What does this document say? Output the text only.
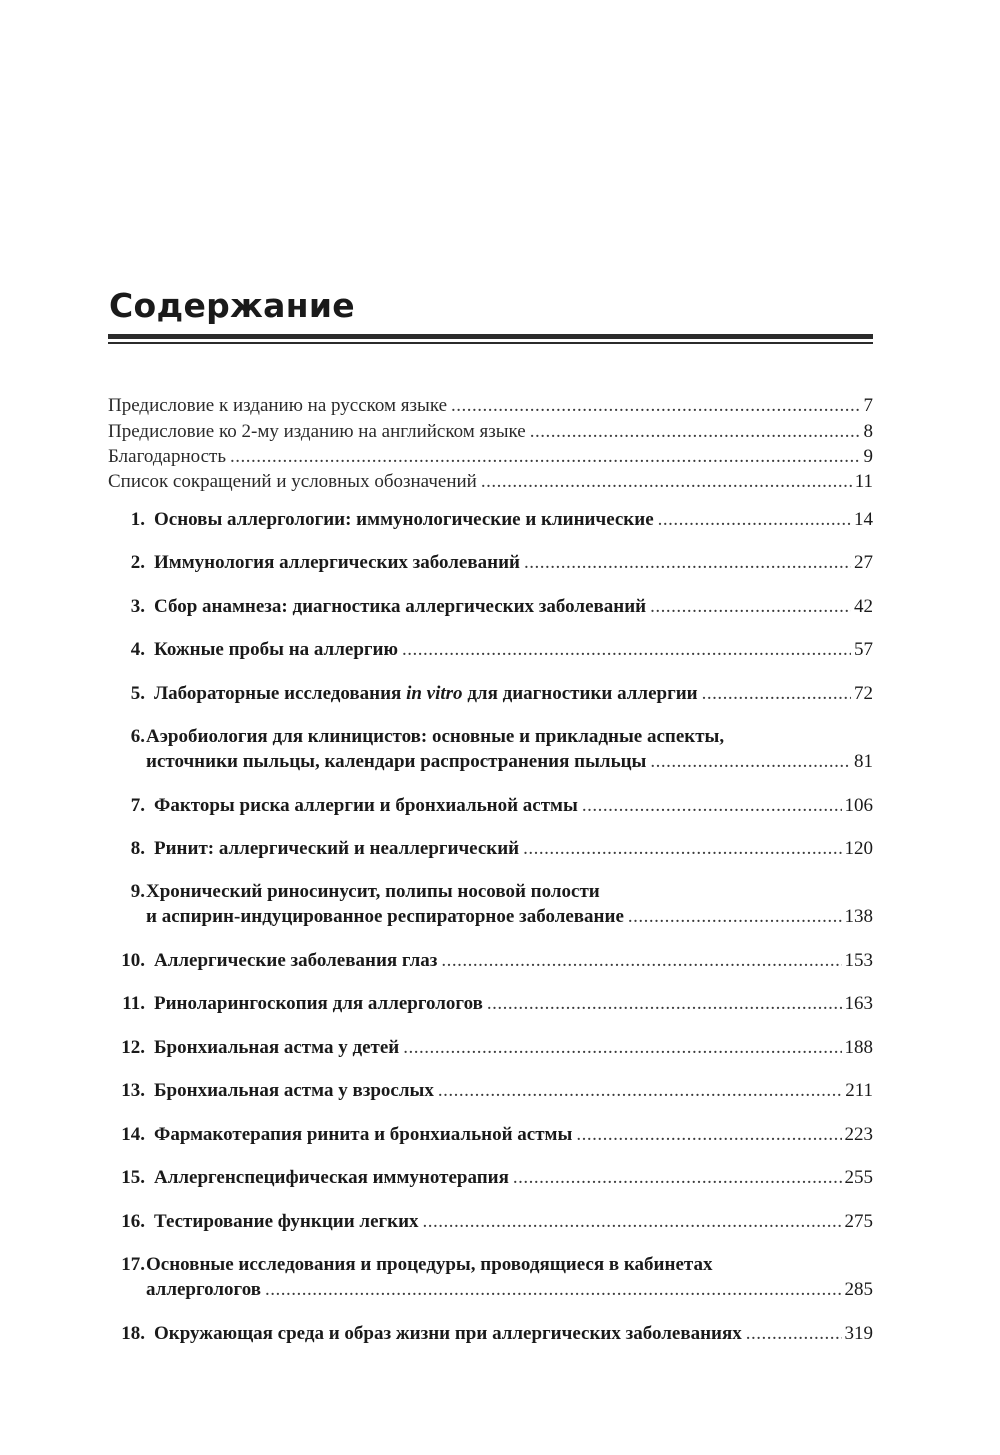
Содержание
Предисловие к изданию на русском языке .....	7
Предисловие ко 2-му изданию на английском языке .....	8
Благодарность .....	9
Список сокращений и условных обозначений .....	11
1. Основы аллергологии: иммунологические и клинические .....	14
2. Иммунология аллергических заболеваний .....	27
3. Сбор анамнеза: диагностика аллергических заболеваний .....	42
4. Кожные пробы на аллергию .....	57
5. Лабораторные исследования in vitro для диагностики аллергии .....	72
6. Аэробиология для клиницистов: основные и прикладные аспекты,
источники пыльцы, календари распространения пыльцы .....	81
7. Факторы риска аллергии и бронхиальной астмы .....	106
8. Ринит: аллергический и неаллергический .....	120
9. Хронический риносинусит, полипы носовой полости
и аспирин-индуцированное респираторное заболевание .....	138
10. Аллергические заболевания глаз .....	153
11. Риноларингоскопия для аллергологов .....	163
12. Бронхиальная астма у детей .....	188
13. Бронхиальная астма у взрослых .....	211
14. Фармакотерапия ринита и бронхиальной астмы .....	223
15. Аллергенспецифическая иммунотерапия .....	255
16. Тестирование функции легких .....	275
17. Основные исследования и процедуры, проводящиеся в кабинетах
аллергологов .....	285
18. Окружающая среда и образ жизни при аллергических заболеваниях .....	319
